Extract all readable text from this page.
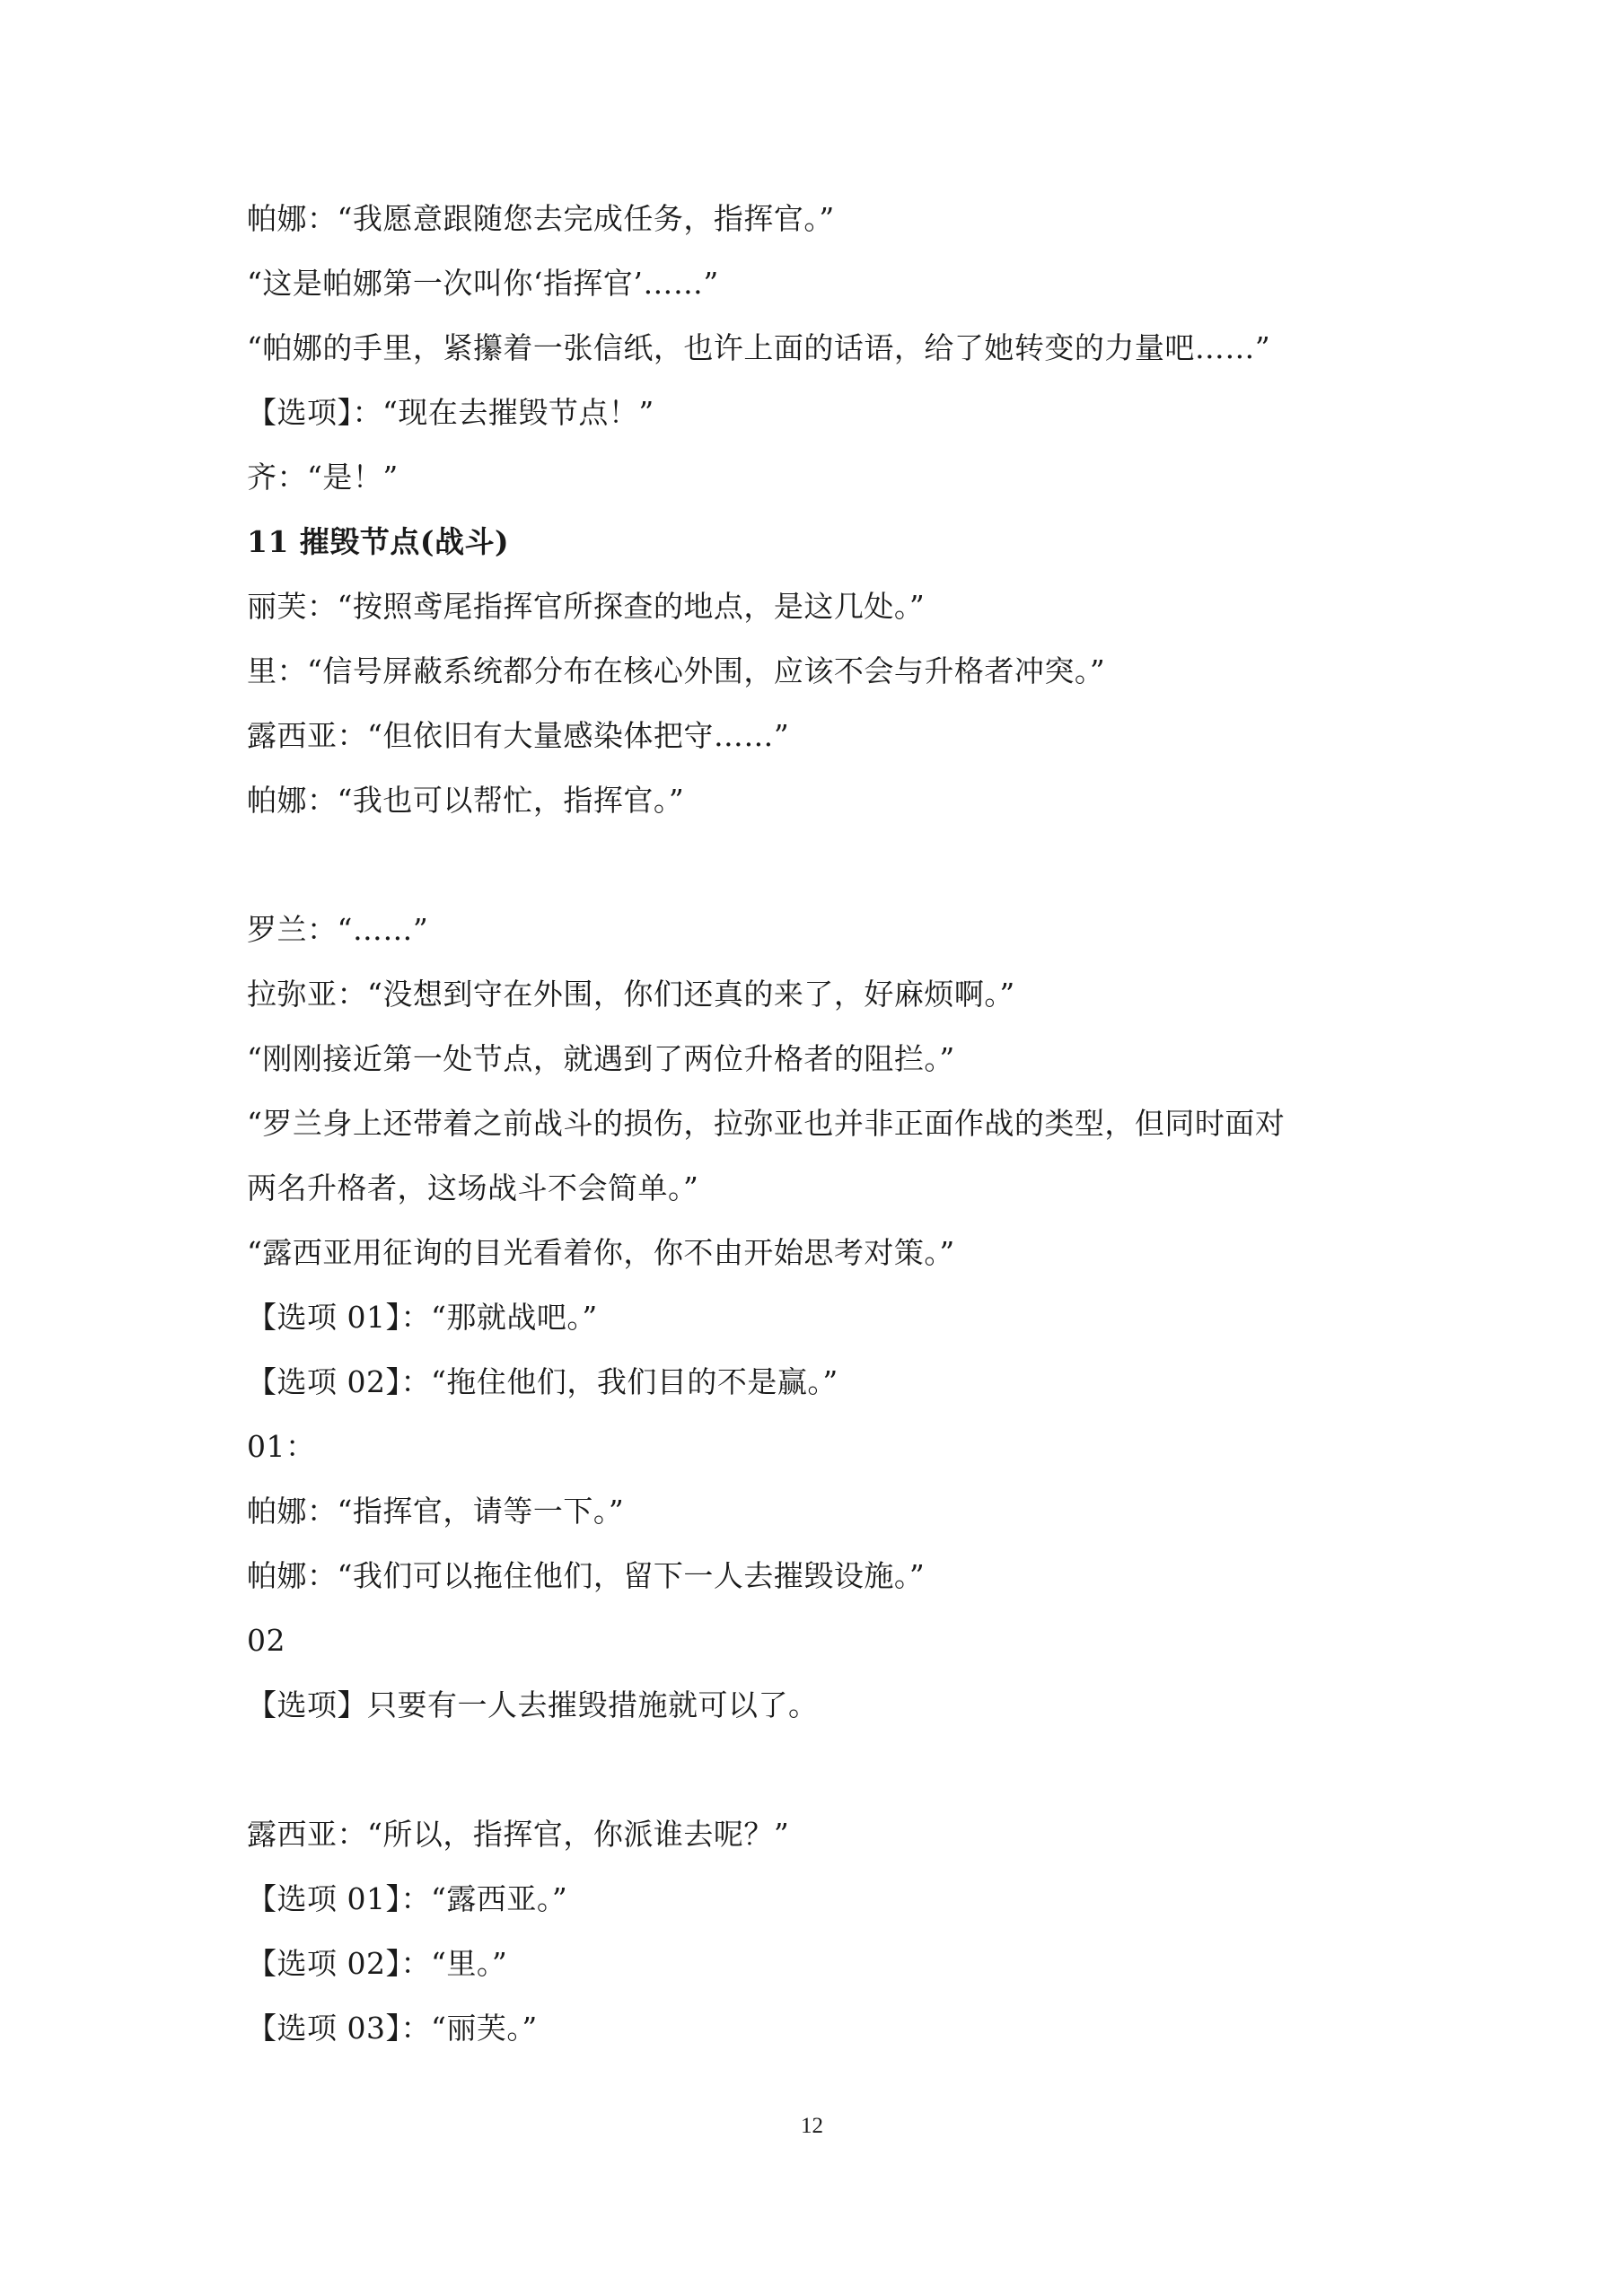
帕娜：“我愿意跟随您去完成任务，指挥官。”
“这是帕娜第一次叫你‘指挥官’……”
“帕娜的手里，紧攥着一张信纸，也许上面的话语，给了她转变的力量吧……”
【选项】：“现在去摧毁节点！”
齐：“是！”
11 摧毁节点(战斗)
丽芙：“按照鸢尾指挥官所探查的地点，是这几处。”
里：“信号屏蔽系统都分布在核心外围，应该不会与升格者冲突。”
露西亚：“但依旧有大量感染体把守……”
帕娜：“我也可以帮忙，指挥官。”
罗兰：“……”
拉弥亚：“没想到守在外围，你们还真的来了，好麻烦啊。”
“刚刚接近第一处节点，就遇到了两位升格者的阻拦。”
“罗兰身上还带着之前战斗的损伤，拉弥亚也并非正面作战的类型，但同时面对
两名升格者，这场战斗不会简单。”
“露西亚用征询的目光看着你，你不由开始思考对策。”
【选项 01】：“那就战吧。”
【选项 02】：“拖住他们，我们目的不是赢。”
01：
帕娜：“指挥官，请等一下。”
帕娜：“我们可以拖住他们，留下一人去摧毁设施。”
02
【选项】只要有一人去摧毁措施就可以了。
露西亚：“所以，指挥官，你派谁去呢？”
【选项 01】：“露西亚。”
【选项 02】：“里。”
【选项 03】：“丽芙。”
12
